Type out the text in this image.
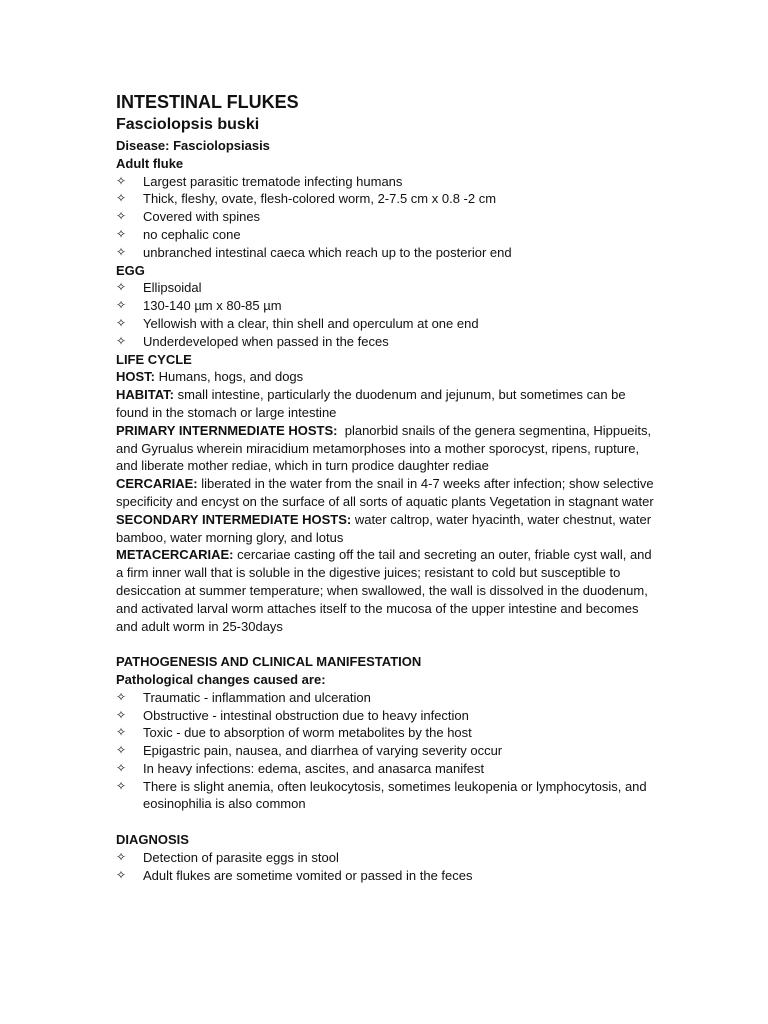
INTESTINAL FLUKES
Fasciolopsis buski
Disease: Fasciolopsiasis
Adult fluke
✧	Largest parasitic trematode infecting humans
✧	Thick, fleshy, ovate, flesh-colored worm, 2-7.5 cm x 0.8 -2 cm
✧	Covered with spines
✧	no cephalic cone
✧	unbranched intestinal caeca which reach up to the posterior end
EGG
✧	Ellipsoidal
✧	130-140 µm x 80-85 µm
✧	Yellowish with a clear, thin shell and operculum at one end
✧	Underdeveloped when passed in the feces
LIFE CYCLE

HOST: Humans, hogs, and dogs

HABITAT: small intestine, particularly the duodenum and jejunum, but sometimes can be found in the stomach or large intestine

PRIMARY INTERNMEDIATE HOSTS:  planorbid snails of the genera segmentina, Hippueits, and Gyrualus wherein miracidium metamorphoses into a mother sporocyst, ripens, rupture, and liberate mother rediae, which in turn prodice daughter rediae

CERCARIAE: liberated in the water from the snail in 4-7 weeks after infection; show selective specificity and encyst on the surface of all sorts of aquatic plants Vegetation in stagnant water

SECONDARY INTERMEDIATE HOSTS: water caltrop, water hyacinth, water chestnut, water bamboo, water morning glory, and lotus

METACERCARIAE: cercariae casting off the tail and secreting an outer, friable cyst wall, and a firm inner wall that is soluble in the digestive juices; resistant to cold but susceptible to desiccation at summer temperature; when swallowed, the wall is dissolved in the duodenum, and activated larval worm attaches itself to the mucosa of the upper intestine and becomes and adult worm in 25-30days

PATHOGENESIS AND CLINICAL MANIFESTATION
Pathological changes caused are:
✧	Traumatic - inflammation and ulceration
✧	Obstructive - intestinal obstruction due to heavy infection
✧	Toxic - due to absorption of worm metabolites by the host
✧	Epigastric pain, nausea, and diarrhea of varying severity occur
✧	In heavy infections: edema, ascites, and anasarca manifest
✧	There is slight anemia, often leukocytosis, sometimes leukopenia or lymphocytosis, and eosinophilia is also common
DIAGNOSIS
✧	Detection of parasite eggs in stool
✧	Adult flukes are sometime vomited or passed in the feces
